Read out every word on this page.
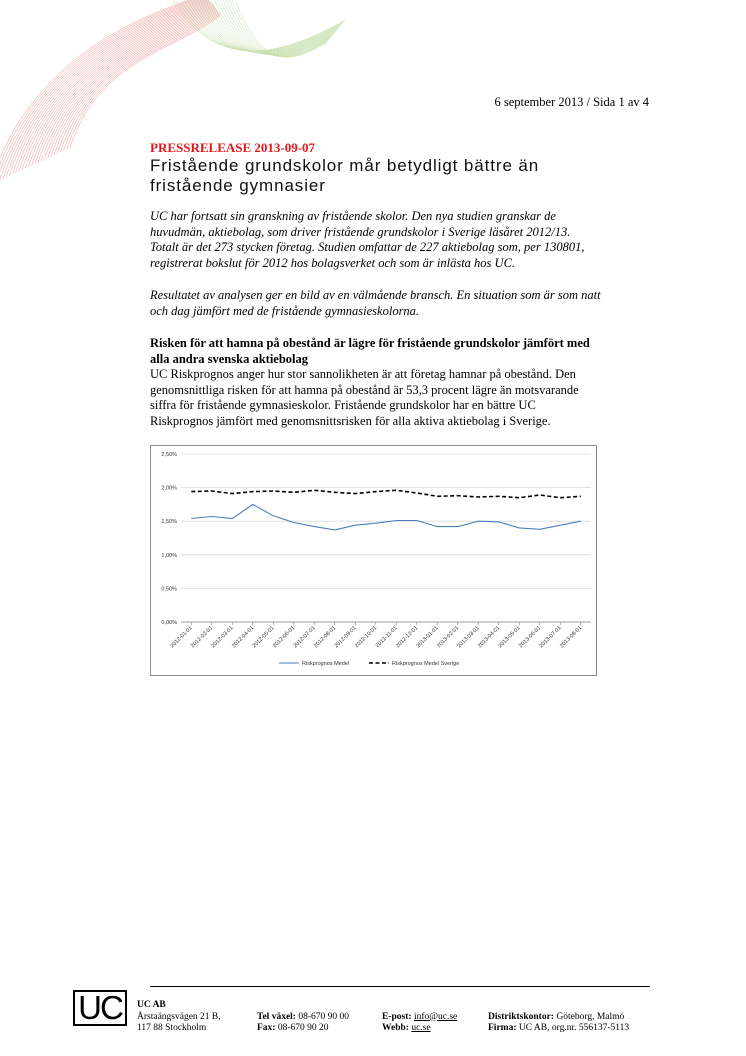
6 september 2013 / Sida 1 av 4
PRESSRELEASE 2013-09-07
Fristående grundskolor mår betydligt bättre än
fristående gymnasier
UC har fortsatt sin granskning av fristående skolor. Den nya studien granskar de
huvudmän, aktiebolag, som driver fristående grundskolor i Sverige läsåret 2012/13.
Totalt är det 273 stycken företag. Studien omfattar de 227 aktiebolag som, per 130801,
registrerat bokslut för 2012 hos bolagsverket och som är inlästa hos UC.
Resultatet av analysen ger en bild av en välmående bransch. En situation som är som natt
och dag jämfört med de fristående gymnasieskolorna.
Risken för att hamna på obestånd är lägre för fristående grundskolor jämfört med
alla andra svenska aktiebolag
UC Riskprognos anger hur stor sannolikheten är att företag hamnar på obestånd. Den
genomsnittliga risken för att hamna på obestånd är 53,3 procent lägre än motsvarande
siffra för fristående gymnasieskolor. Fristående grundskolor har en bättre UC
Riskprognos jämfört med genomsnittsrisken för alla aktiva aktiebolag i Sverige.
0,00%
0,50%
1,00%
1,50%
2,00%
2,50%
2012-01-01
2012-02-01
2012-03-01
2012-04-01
2012-05-01
2012-06-01
2012-07-01
2012-08-01
2012-09-01
2012-10-01
2012-11-01
2012-12-01
2013-01-01
2013-02-01
2013-03-01
2013-04-01
2013-05-01
2013-06-01
2013-07-01
2013-08-01
Riskprognos Medel	Riskprognos Medel Sverige
UC	UC AB
Årstaängsvägen 21 B,
117 88 Stockholm
Tel växel: 08-670 90 00
Fax: 08-670 90 20
E-post: info@uc.se
Webb: uc.se
Distriktskontor: Göteborg, Malmö
Firma: UC AB, org.nr. 556137-5113
